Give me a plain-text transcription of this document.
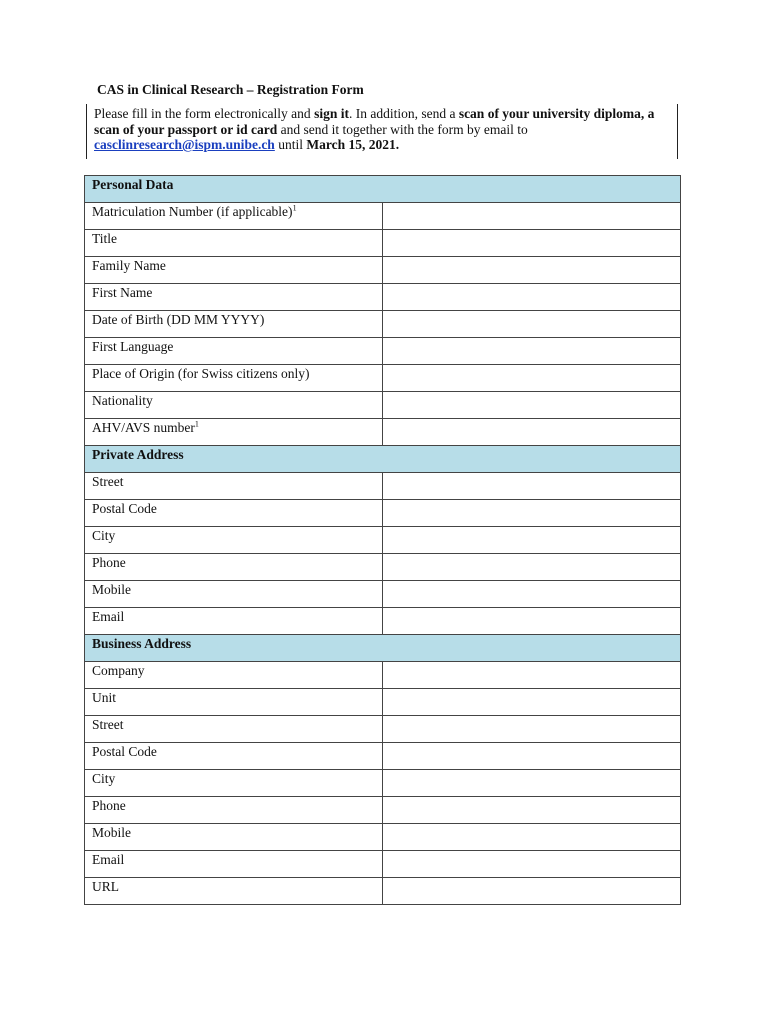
CAS in Clinical Research – Registration Form
Please fill in the form electronically and sign it. In addition, send a scan of your university diploma, a scan of your passport or id card and send it together with the form by email to casclinresearch@ispm.unibe.ch until March 15, 2021.
Personal Data	
Matriculation Number (if applicable)$^1$	
Title	
Family Name	
First Name	
Date of Birth (DD MM YYYY)	
First Language	
Place of Origin (for Swiss citizens only)	
Nationality	
AHV/AVS number$^1$	
Private Address	
Street	
Postal Code	
City	
Phone	
Mobile	
Email	
Business Address	
Company	
Unit	
Street	
Postal Code	
City	
Phone	
Mobile	
Email	
URL	
